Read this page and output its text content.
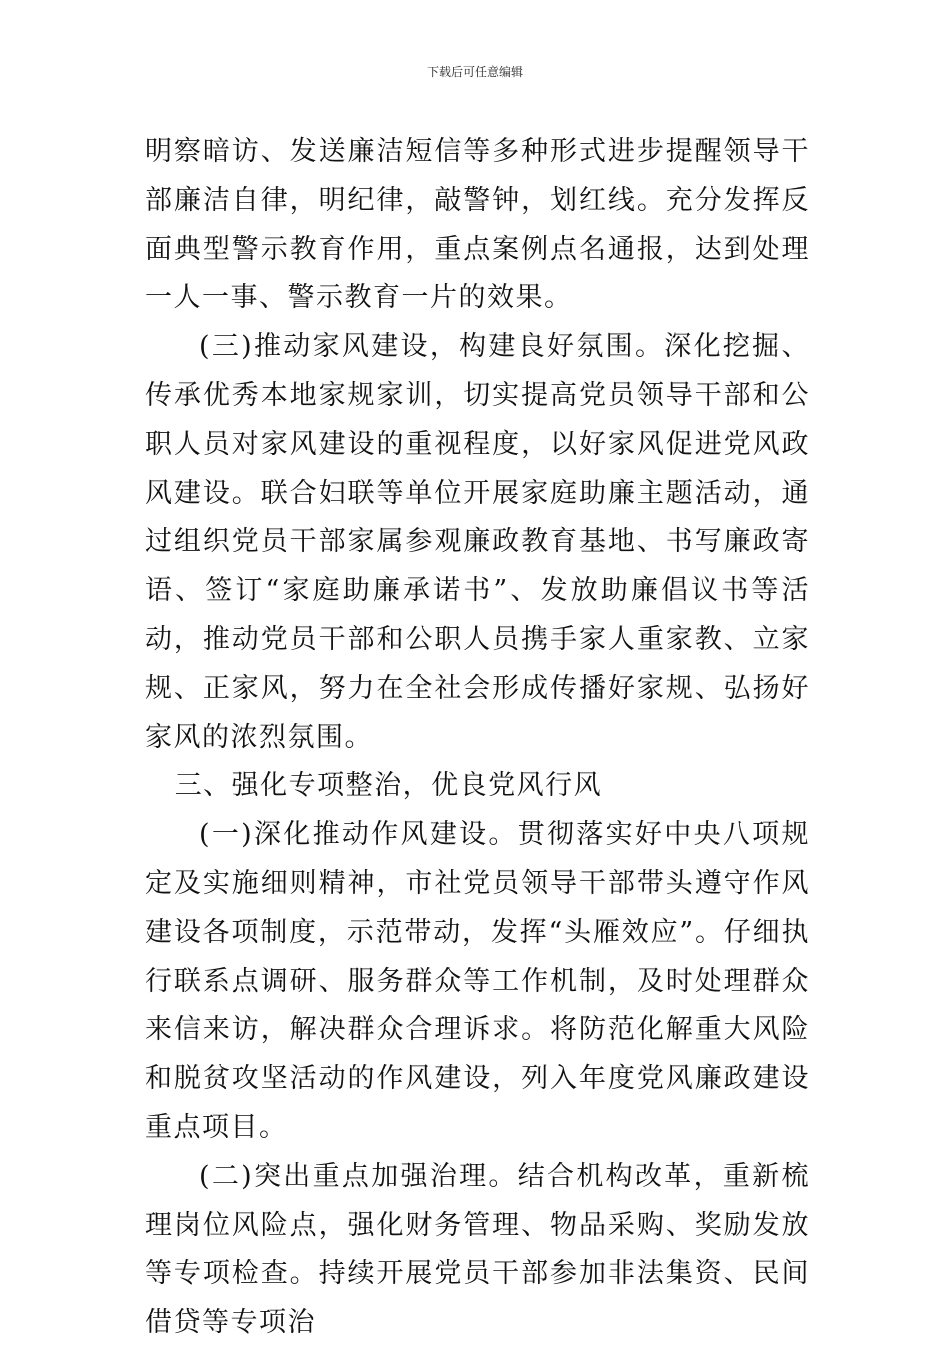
下载后可任意编辑

明察暗访、发送廉洁短信等多种形式进步提醒领导干部廉洁自律，明纪律，敲警钟，划红线。充分发挥反面典型警示教育作用，重点案例点名通报，达到处理一人一事、警示教育一片的效果。

(三)推动家风建设，构建良好氛围。深化挖掘、传承优秀本地家规家训，切实提高党员领导干部和公职人员对家风建设的重视程度，以好家风促进党风政风建设。联合妇联等单位开展家庭助廉主题活动，通过组织党员干部家属参观廉政教育基地、书写廉政寄语、签订“家庭助廉承诺书”、发放助廉倡议书等活动，推动党员干部和公职人员携手家人重家教、立家规、正家风，努力在全社会形成传播好家规、弘扬好家风的浓烈氛围。

三、强化专项整治，优良党风行风

(一)深化推动作风建设。贯彻落实好中央八项规定及实施细则精神，市社党员领导干部带头遵守作风建设各项制度，示范带动，发挥“头雁效应”。仔细执行联系点调研、服务群众等工作机制，及时处理群众来信来访，解决群众合理诉求。将防范化解重大风险和脱贫攻坚活动的作风建设，列入年度党风廉政建设重点项目。

(二)突出重点加强治理。结合机构改革，重新梳理岗位风险点，强化财务管理、物品采购、奖励发放等专项检查。持续开展党员干部参加非法集资、民间借贷等专项治
